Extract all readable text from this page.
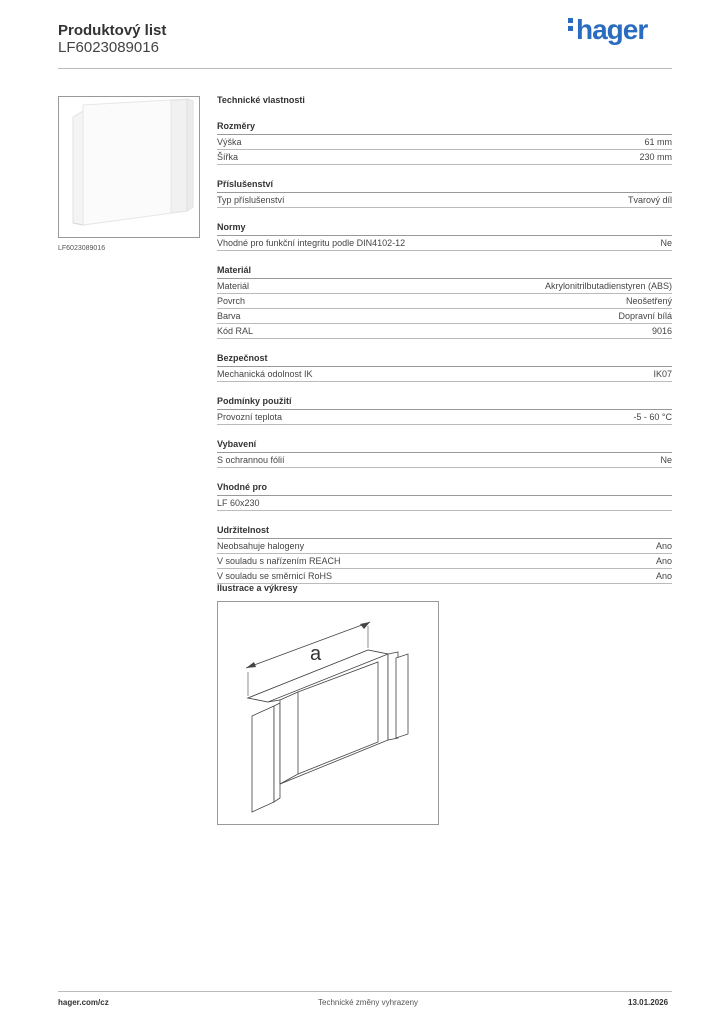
Produktový list
LF6023089016
hager
LF6023089016
Technické vlastnosti
Rozměry
Výška	61 mm
Šířka	230 mm
Příslušenství
Typ příslušenství	Tvarový díl
Normy
Vhodné pro funkční integritu podle DIN4102-12	Ne
Materiál
Materiál	Akrylonitrilbutadienstyren (ABS)
Povrch	Neošetřený
Barva	Dopravní bílá
Kód RAL	9016
Bezpečnost
Mechanická odolnost IK	IK07
Podmínky použití
Provozní teplota	-5 - 60 °C
Vybavení
S ochrannou fólií	Ne
Vhodné pro
LF 60x230
Udržitelnost
Neobsahuje halogeny	Ano
V souladu s nařízením REACH	Ano
V souladu se směrnicí RoHS	Ano
Ilustrace a výkresy
a
hager.com/cz	Technické změny vyhrazeny	13.01.2026
